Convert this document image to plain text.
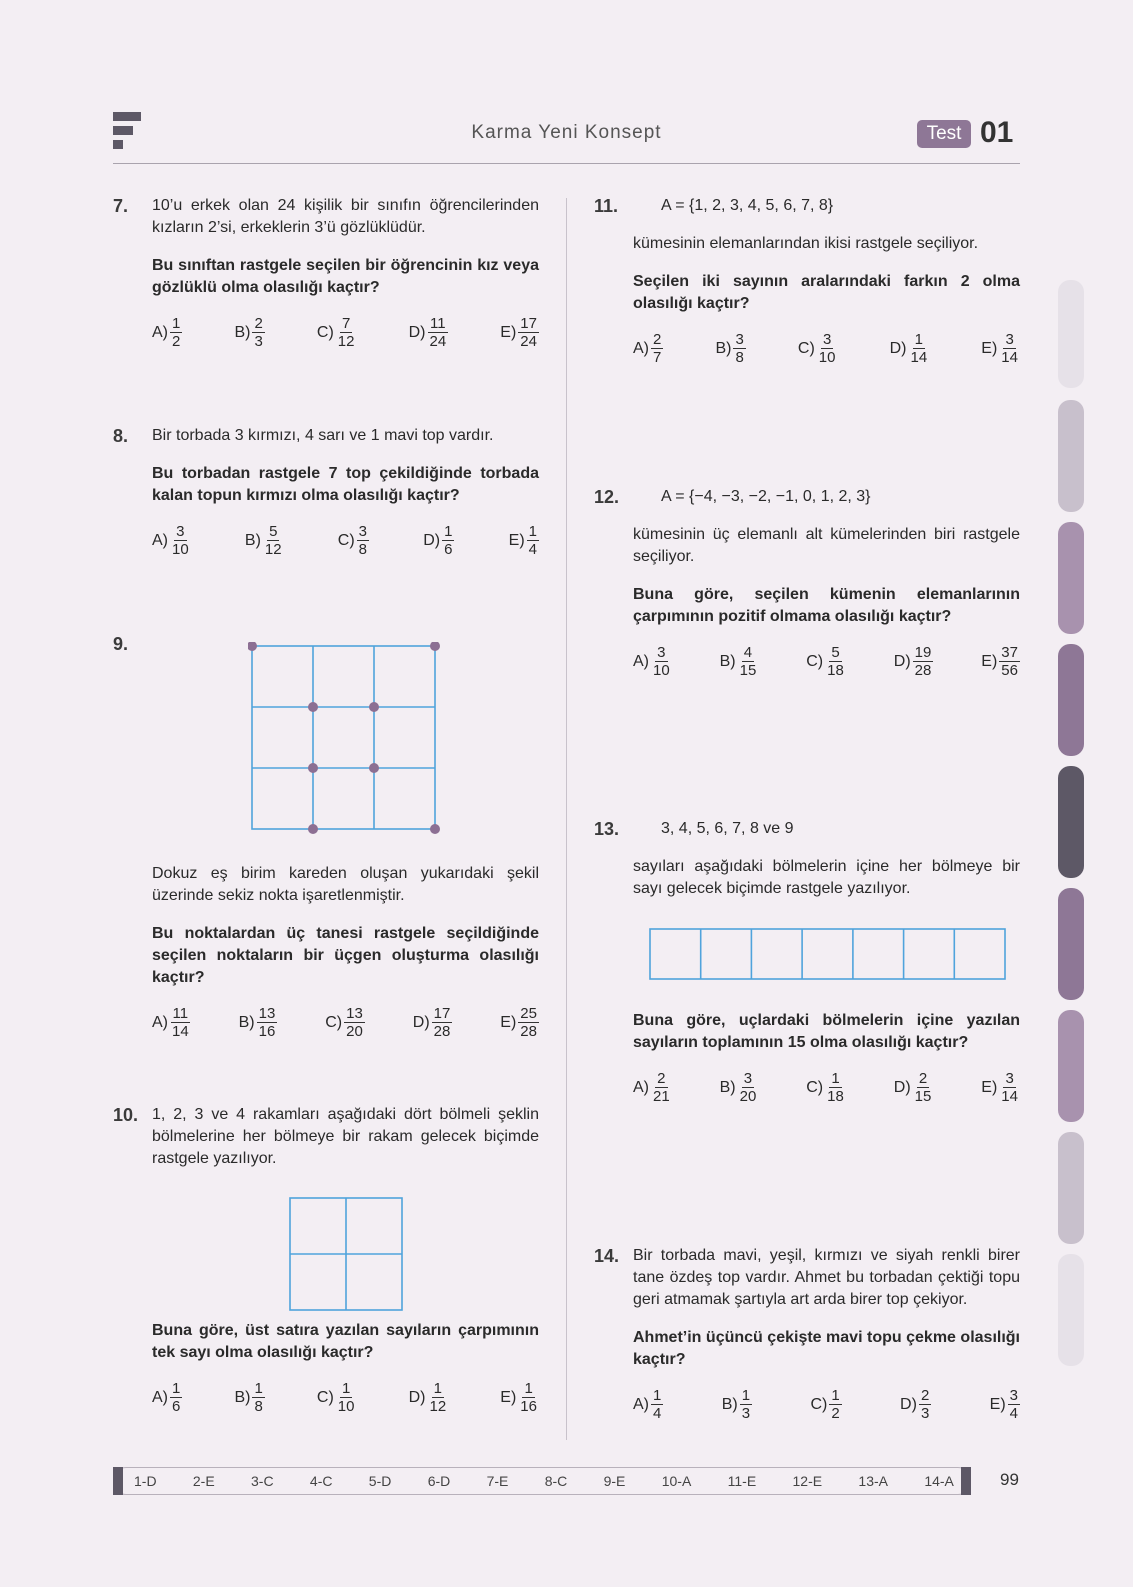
Karma Yeni Konsept	Test 01
7. 10’u erkek olan 24 kişilik bir sınıfın öğrencilerinden kızların 2’si, erkeklerin 3’ü gözlüklüdür.

Bu sınıftan rastgele seçilen bir öğrencinin kız veya gözlüklü olma olasılığı kaçtır?

$A) \frac{1}{2}$	$B) \frac{2}{3}$	$C) \frac{7}{12}$	$D) \frac{11}{24}$	$E) \frac{17}{24}$
8. Bir torbada 3 kırmızı, 4 sarı ve 1 mavi top vardır.

Bu torbadan rastgele 7 top çekildiğinde torbada kalan topun kırmızı olma olasılığı kaçtır?

$A) \frac{3}{10}$	$B) \frac{5}{12}$	$C) \frac{3}{8}$	$D) \frac{1}{6}$	$E) \frac{1}{4}$
9.

Dokuz eş birim kareden oluşan yukarıdaki şekil üzerinde sekiz nokta işaretlenmiştir.

Bu noktalardan üç tanesi rastgele seçildiğinde seçilen noktaların bir üçgen oluşturma olasılığı kaçtır?

$A) \frac{11}{14}$	$B) \frac{13}{16}$	$C) \frac{13}{20}$	$D) \frac{17}{28}$	$E) \frac{25}{28}$
10. 1, 2, 3 ve 4 rakamları aşağıdaki dört bölmeli şeklin bölmelerine her bölmeye bir rakam gelecek biçimde rastgele yazılıyor.

Buna göre, üst satıra yazılan sayıların çarpımının tek sayı olma olasılığı kaçtır?

$A) \frac{1}{6}$	$B) \frac{1}{8}$	$C) \frac{1}{10}$	$D) \frac{1}{12}$	$E) \frac{1}{16}$
11.	A = {1, 2, 3, 4, 5, 6, 7, 8}

kümesinin elemanlarından ikisi rastgele seçiliyor.

Seçilen iki sayının aralarındaki farkın 2 olma olasılığı kaçtır?

$A) \frac{2}{7}$	$B) \frac{3}{8}$	$C) \frac{3}{10}$	$D) \frac{1}{14}$	$E) \frac{3}{14}$
12.	A = {−4, −3, −2, −1, 0, 1, 2, 3}

kümesinin üç elemanlı alt kümelerinden biri rastgele seçiliyor.

Buna göre, seçilen kümenin elemanlarının çarpımının pozitif olmama olasılığı kaçtır?

$A) \frac{3}{10}$	$B) \frac{4}{15}$	$C) \frac{5}{18}$	$D) \frac{19}{28}$	$E) \frac{37}{56}$
13.	3, 4, 5, 6, 7, 8 ve 9

sayıları aşağıdaki bölmelerin içine her bölmeye bir sayı gelecek biçimde rastgele yazılıyor.

Buna göre, uçlardaki bölmelerin içine yazılan sayıların toplamının 15 olma olasılığı kaçtır?

$A) \frac{2}{21}$	$B) \frac{3}{20}$	$C) \frac{1}{18}$	$D) \frac{2}{15}$	$E) \frac{3}{14}$
14. Bir torbada mavi, yeşil, kırmızı ve siyah renkli birer tane özdeş top vardır. Ahmet bu torbadan çektiği topu geri atmamak şartıyla art arda birer top çekiyor.

Ahmet’in üçüncü çekişte mavi topu çekme olasılığı kaçtır?

$A) \frac{1}{4}$	$B) \frac{1}{3}$	$C) \frac{1}{2}$	$D) \frac{2}{3}$	$E) \frac{3}{4}$
1-D	2-E	3-C	4-C	5-D	6-D	7-E	8-C	9-E	10-A	11-E	12-E	13-A	14-A	99
